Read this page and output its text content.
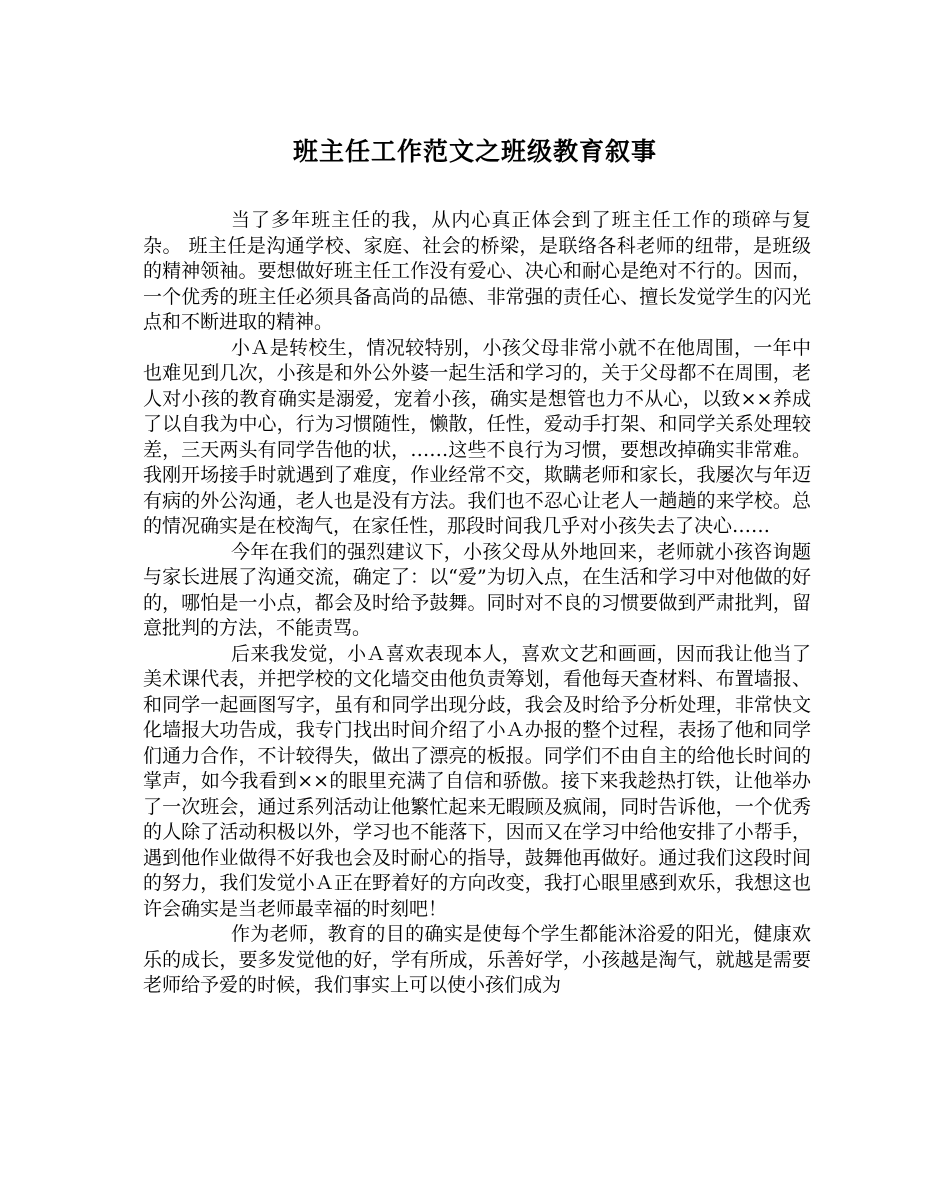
班主任工作范文之班级教育叙事

当了多年班主任的我，从内心真正体会到了班主任工作的琐碎与复杂。 班主任是沟通学校、家庭、社会的桥梁，是联络各科老师的纽带，是班级的精神领袖。要想做好班主任工作没有爱心、决心和耐心是绝对不行的。因而，一个优秀的班主任必须具备高尚的品德、非常强的责任心、擅长发觉学生的闪光点和不断进取的精神。

小Ａ是转校生，情况较特别，小孩父母非常小就不在他周围，一年中也难见到几次，小孩是和外公外婆一起生活和学习的，关于父母都不在周围，老人对小孩的教育确实是溺爱，宠着小孩，确实是想管也力不从心，以致××养成了以自我为中心，行为习惯随性，懒散，任性，爱动手打架、和同学关系处理较差，三天两头有同学告他的状，……这些不良行为习惯，要想改掉确实非常难。我刚开场接手时就遇到了难度，作业经常不交，欺瞒老师和家长，我屡次与年迈有病的外公沟通，老人也是没有方法。我们也不忍心让老人一趟趟的来学校。总的情况确实是在校淘气，在家任性，那段时间我几乎对小孩失去了决心……

今年在我们的强烈建议下，小孩父母从外地回来，老师就小孩咨询题与家长进展了沟通交流，确定了：以“爱”为切入点，在生活和学习中对他做的好的，哪怕是一小点，都会及时给予鼓舞。同时对不良的习惯要做到严肃批判，留意批判的方法，不能责骂。

后来我发觉，小Ａ喜欢表现本人，喜欢文艺和画画，因而我让他当了美术课代表，并把学校的文化墙交由他负责筹划，看他每天查材料、布置墙报、和同学一起画图写字，虽有和同学出现分歧，我会及时给予分析处理，非常快文化墙报大功告成，我专门找出时间介绍了小Ａ办报的整个过程，表扬了他和同学们通力合作，不计较得失，做出了漂亮的板报。同学们不由自主的给他长时间的掌声，如今我看到××的眼里充满了自信和骄傲。接下来我趁热打铁，让他举办了一次班会，通过系列活动让他繁忙起来无暇顾及疯闹，同时告诉他，一个优秀的人除了活动积极以外，学习也不能落下，因而又在学习中给他安排了小帮手，遇到他作业做得不好我也会及时耐心的指导，鼓舞他再做好。通过我们这段时间的努力，我们发觉小Ａ正在野着好的方向改变，我打心眼里感到欢乐，我想这也许会确实是当老师最幸福的时刻吧！

作为老师，教育的目的确实是使每个学生都能沐浴爱的阳光，健康欢乐的成长，要多发觉他的好，学有所成，乐善好学，小孩越是淘气，就越是需要老师给予爱的时候，我们事实上可以使小孩们成为
